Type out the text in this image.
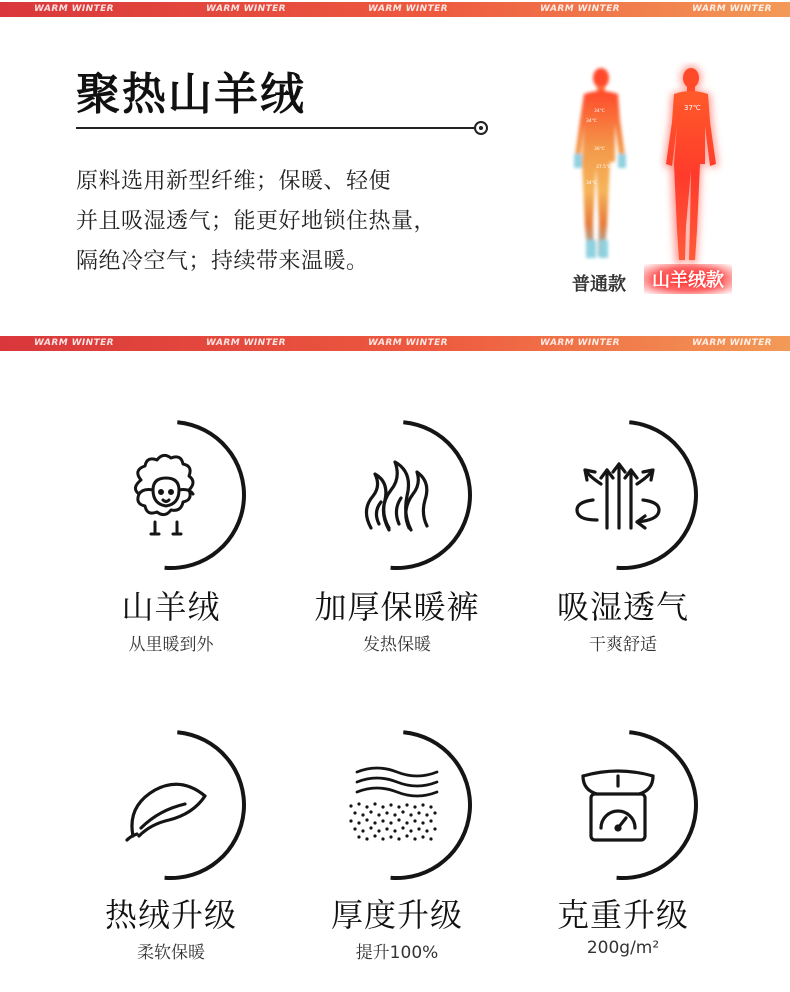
WARM WINTER	WARM WINTER	WARM WINTER	WARM WINTER	WARM WINTER
聚热山羊绒
原料选用新型纤维；保暖、轻便
并且吸湿透气；能更好地锁住热量，
隔绝冷空气；持续带来温暖。
34℃
34℃
36℃
37.5℃
34℃
37℃
普通款	山羊绒款
WARM WINTER	WARM WINTER	WARM WINTER	WARM WINTER	WARM WINTER
山羊绒
从里暖到外
加厚保暖裤
发热保暖
吸湿透气
干爽舒适
热绒升级
柔软保暖
厚度升级
提升100%
克重升级
200g/m²
